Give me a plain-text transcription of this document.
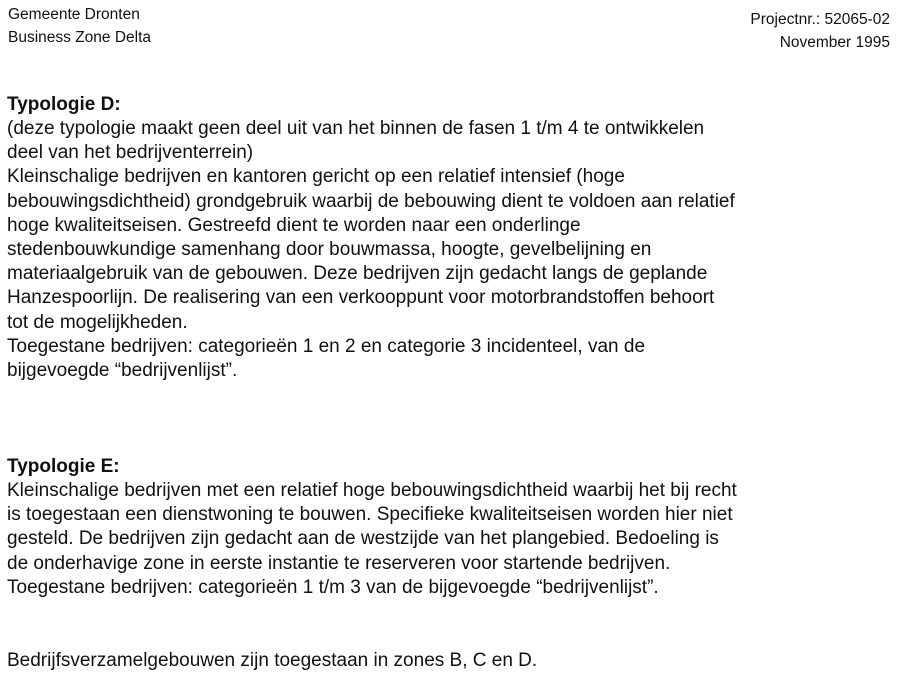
Gemeente Dronten
Business Zone Delta
Projectnr.: 52065-02
November 1995
Typologie D:
(deze typologie maakt geen deel uit van het binnen de fasen 1 t/m 4 te ontwikkelen
deel van het bedrijventerrein)
Kleinschalige bedrijven en kantoren gericht op een relatief intensief (hoge
bebouwingsdichtheid) grondgebruik waarbij de bebouwing dient te voldoen aan relatief
hoge kwaliteitseisen. Gestreefd dient te worden naar een onderlinge
stedenbouwkundige samenhang door bouwmassa, hoogte, gevelbelijning en
materiaalgebruik van de gebouwen. Deze bedrijven zijn gedacht langs de geplande
Hanzespoorlijn. De realisering van een verkooppunt voor motorbrandstoffen behoort
tot de mogelijkheden.
Toegestane bedrijven: categorieën 1 en 2 en categorie 3 incidenteel, van de
bijgevoegde “bedrijvenlijst”.
Typologie E:
Kleinschalige bedrijven met een relatief hoge bebouwingsdichtheid waarbij het bij recht
is toegestaan een dienstwoning te bouwen. Specifieke kwaliteitseisen worden hier niet
gesteld. De bedrijven zijn gedacht aan de westzijde van het plangebied. Bedoeling is
de onderhavige zone in eerste instantie te reserveren voor startende bedrijven.
Toegestane bedrijven: categorieën 1 t/m 3 van de bijgevoegde “bedrijvenlijst”.
Bedrijfsverzamelgebouwen zijn toegestaan in zones B, C en D.
